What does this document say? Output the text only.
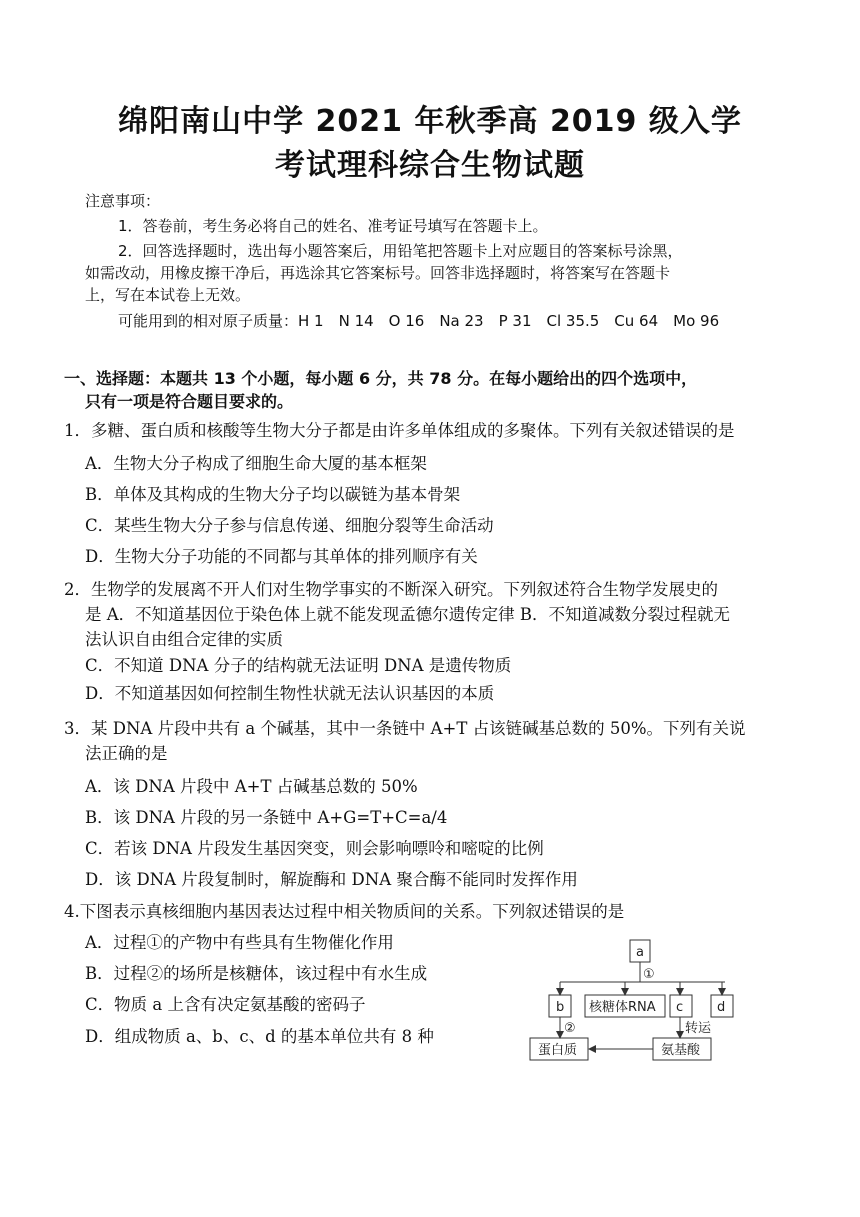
绵阳南山中学 2021 年秋季高 2019 级入学
考试理科综合生物试题
注意事项：
1．答卷前，考生务必将自己的姓名、准考证号填写在答题卡上。
2．回答选择题时，选出每小题答案后，用铅笔把答题卡上对应题目的答案标号涂黑，
如需改动，用橡皮擦干净后，再选涂其它答案标号。回答非选择题时，将答案写在答题卡
上，写在本试卷上无效。
可能用到的相对原子质量：H 1　N 14　O 16　Na 23　P 31　Cl 35.5　Cu 64　Mo 96
一、选择题：本题共 13 个小题，每小题 6 分，共 78 分。在每小题给出的四个选项中，
只有一项是符合题目要求的。
1．多糖、蛋白质和核酸等生物大分子都是由许多单体组成的多聚体。下列有关叙述错误的是
A．生物大分子构成了细胞生命大厦的基本框架
B．单体及其构成的生物大分子均以碳链为基本骨架
C．某些生物大分子参与信息传递、细胞分裂等生命活动
D．生物大分子功能的不同都与其单体的排列顺序有关
2．生物学的发展离不开人们对生物学事实的不断深入研究。下列叙述符合生物学发展史的
是 A．不知道基因位于染色体上就不能发现孟德尔遗传定律 B．不知道减数分裂过程就无
法认识自由组合定律的实质
C．不知道 DNA 分子的结构就无法证明 DNA 是遗传物质
D．不知道基因如何控制生物性状就无法认识基因的本质
3．某 DNA 片段中共有 a 个碱基，其中一条链中 A+T 占该链碱基总数的 50%。下列有关说
法正确的是
A．该 DNA 片段中 A+T 占碱基总数的 50%
B．该 DNA 片段的另一条链中 A+G=T+C=a/4
C．若该 DNA 片段发生基因突变，则会影响嘌呤和嘧啶的比例
D．该 DNA 片段复制时，解旋酶和 DNA 聚合酶不能同时发挥作用
4.下图表示真核细胞内基因表达过程中相关物质间的关系。下列叙述错误的是
A．过程①的产物中有些具有生物催化作用
B．过程②的场所是核糖体，该过程中有水生成
C．物质 a 上含有决定氨基酸的密码子
D．组成物质 a、b、c、d 的基本单位共有 8 种
a
①
b 核糖体RNA c	d
②	转运
蛋白质	氨基酸
